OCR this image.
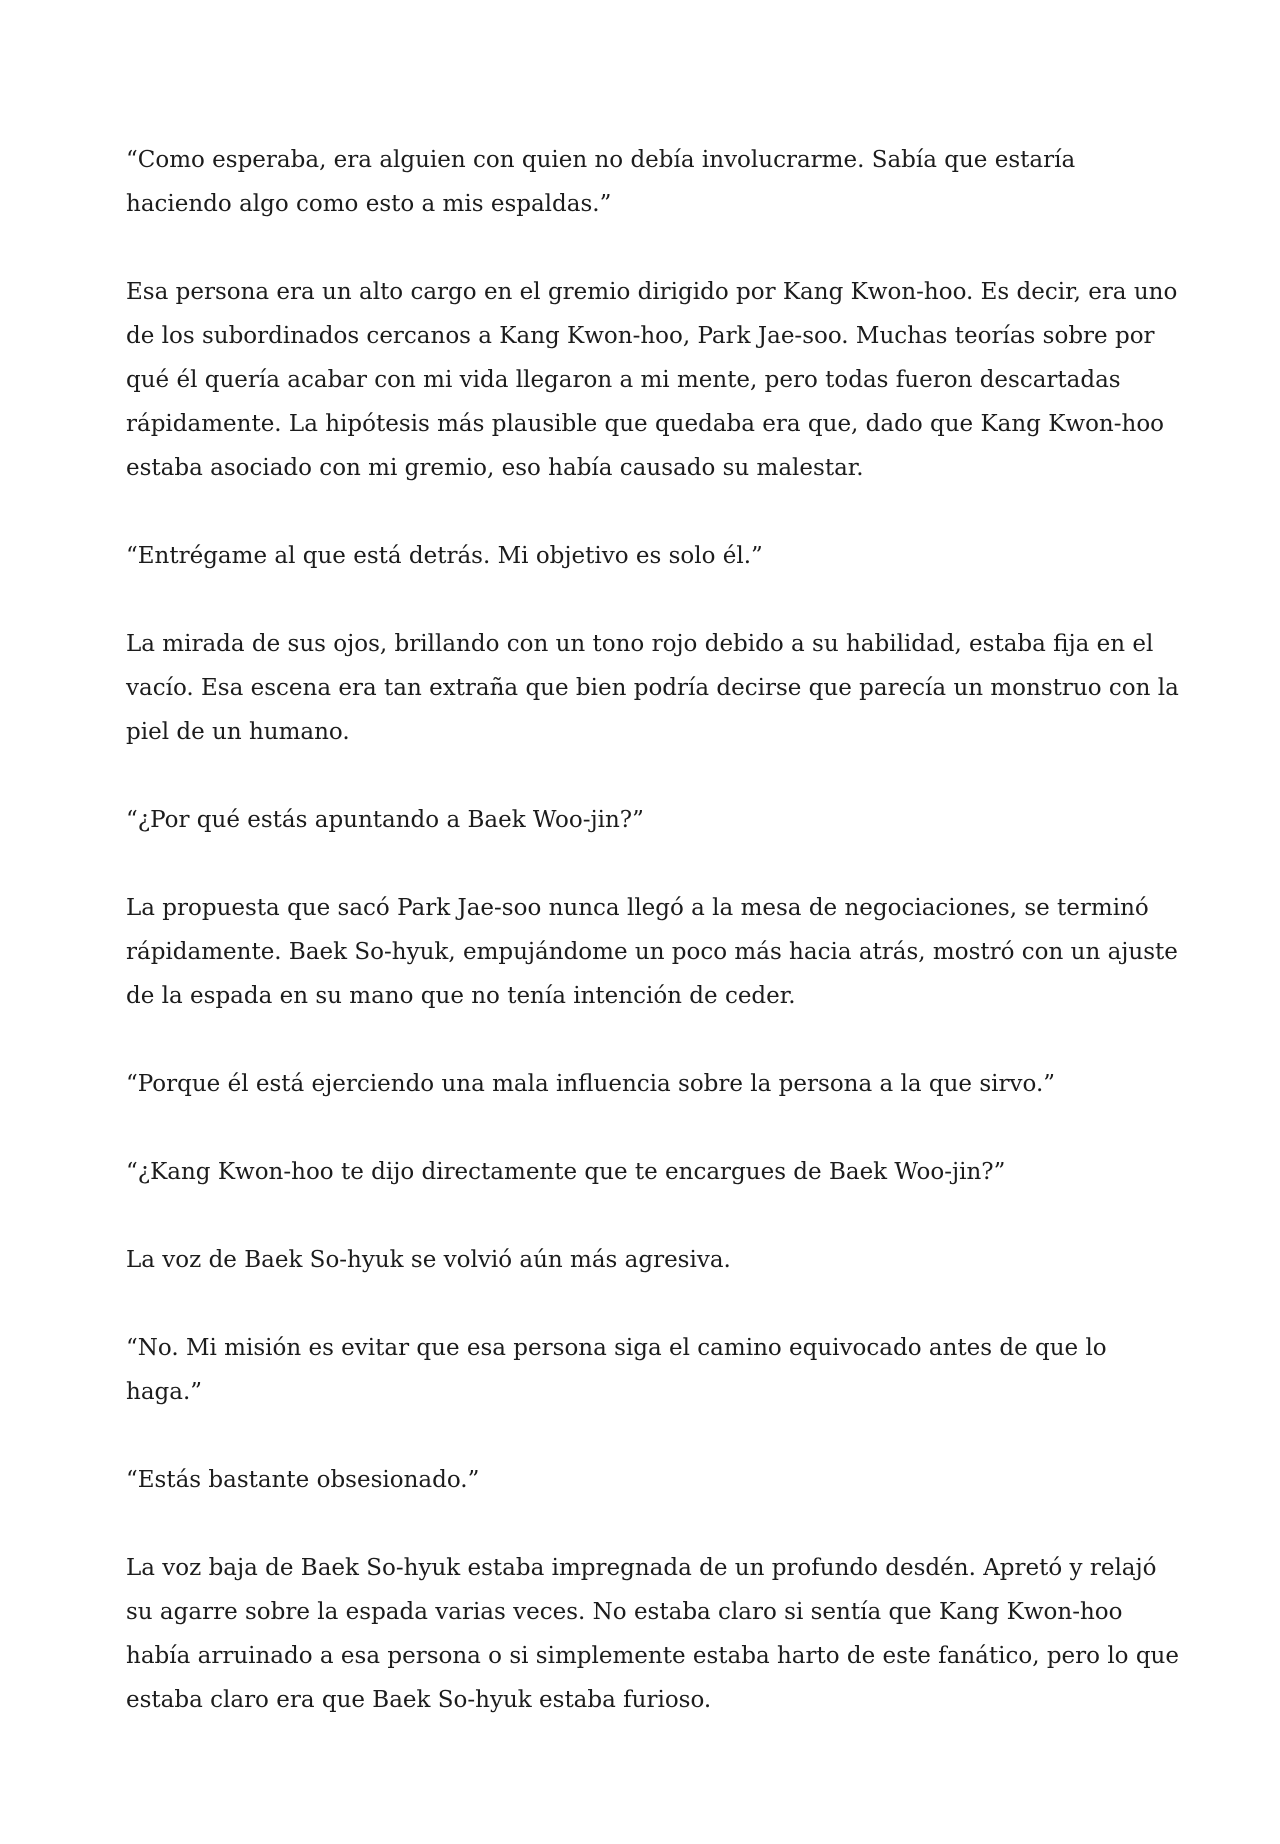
“Como esperaba, era alguien con quien no debía involucrarme. Sabía que estaría haciendo algo como esto a mis espaldas.”

Esa persona era un alto cargo en el gremio dirigido por Kang Kwon-hoo. Es decir, era uno de los subordinados cercanos a Kang Kwon-hoo, Park Jae-soo. Muchas teorías sobre por qué él quería acabar con mi vida llegaron a mi mente, pero todas fueron descartadas rápidamente. La hipótesis más plausible que quedaba era que, dado que Kang Kwon-hoo estaba asociado con mi gremio, eso había causado su malestar.

“Entrégame al que está detrás. Mi objetivo es solo él.”

La mirada de sus ojos, brillando con un tono rojo debido a su habilidad, estaba fija en el vacío. Esa escena era tan extraña que bien podría decirse que parecía un monstruo con la piel de un humano.

“¿Por qué estás apuntando a Baek Woo-jin?”

La propuesta que sacó Park Jae-soo nunca llegó a la mesa de negociaciones, se terminó rápidamente. Baek So-hyuk, empujándome un poco más hacia atrás, mostró con un ajuste de la espada en su mano que no tenía intención de ceder.

“Porque él está ejerciendo una mala influencia sobre la persona a la que sirvo.”

“¿Kang Kwon-hoo te dijo directamente que te encargues de Baek Woo-jin?”

La voz de Baek So-hyuk se volvió aún más agresiva.

“No. Mi misión es evitar que esa persona siga el camino equivocado antes de que lo haga.”

“Estás bastante obsesionado.”

La voz baja de Baek So-hyuk estaba impregnada de un profundo desdén. Apretó y relajó su agarre sobre la espada varias veces. No estaba claro si sentía que Kang Kwon-hoo había arruinado a esa persona o si simplemente estaba harto de este fanático, pero lo que estaba claro era que Baek So-hyuk estaba furioso.
